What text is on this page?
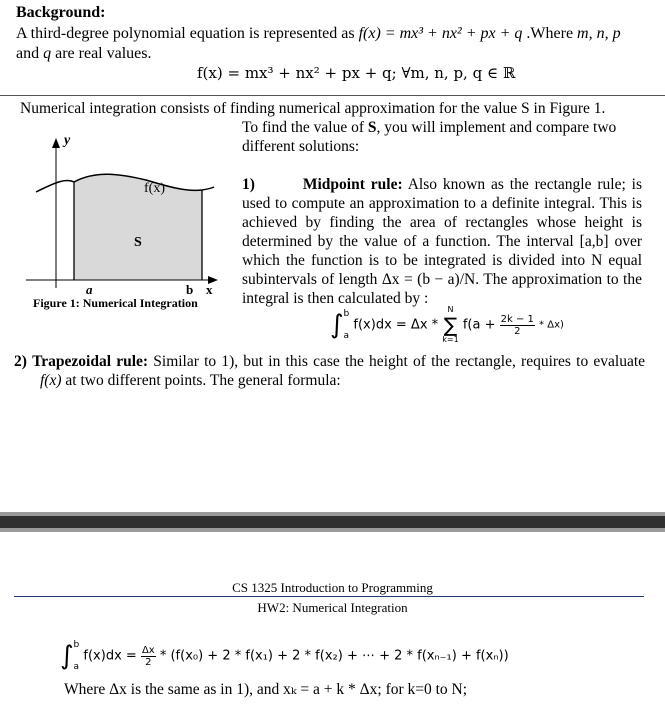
Background:
A third-degree polynomial equation is represented as f(x) = mx³ + nx² + px + q .Where m, n, p
and q are real values.
f(x) = mx³ + nx² + px + q; ∀m, n, p, q ∈ ℝ
Numerical integration consists of finding numerical approximation for the value S in Figure 1.
To find the value of S, you will implement and compare two different solutions:
y
f(x)
S
a	b x
Figure 1: Numerical Integration
1)	Midpoint rule: Also known as the rectangle rule; is used to compute an approximation to a definite integral. This is achieved by finding the area of rectangles whose height is determined by the value of a function. The interval [a,b] over which the function is to be integrated is divided into N equal subintervals of length Δx = (b − a)/N. The approximation to the integral is then calculated by :
∫ b
a
f(x)dx = Δx *
N
∑
k=1
$f(a + \frac{2k - 1}{2} * \Delta x)$
2) Trapezoidal rule: Similar to 1), but in this case the height of the rectangle, requires to evaluate f(x) at two different points. The general formula:
CS 1325 Introduction to Programming
HW2: Numerical Integration
∫ b
a
$f(x)dx = \frac{\Delta x}{2} * (f(x_0) + 2 * f(x_1) + 2 * f(x_2)$ + ⋯ + 2 * f(xₙ₋₁) + f(xₙ))
Where Δx is the same as in 1), and xₖ = a + k * Δx; for k=0 to N;
